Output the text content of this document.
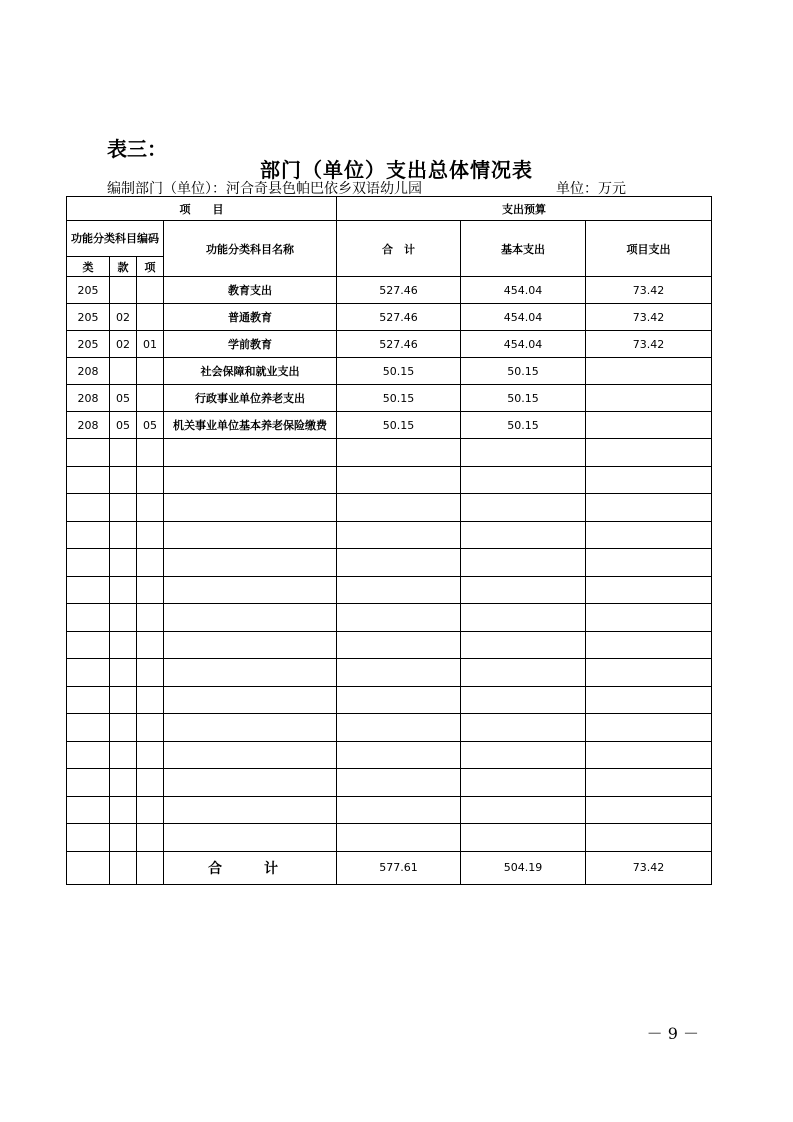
表三：
部门（单位）支出总体情况表
编制部门（单位）：河合奇县色帕巴依乡双语幼儿园	单位：万元
项　　目				支出预算		
功能分类科目编码			功能分类科目名称	合　计	基本支出	项目支出
类	款	项				
205			教育支出	527.46	454.04	73.42
205	02		普通教育	527.46	454.04	73.42
205	02	01	学前教育	527.46	454.04	73.42
208			社会保障和就业支出	50.15	50.15	
208	05		行政事业单位养老支出	50.15	50.15	
208	05	05	机关事业单位基本养老保险缴费	50.15	50.15	

			合　计	577.61	504.19	73.42
－ 9 －
